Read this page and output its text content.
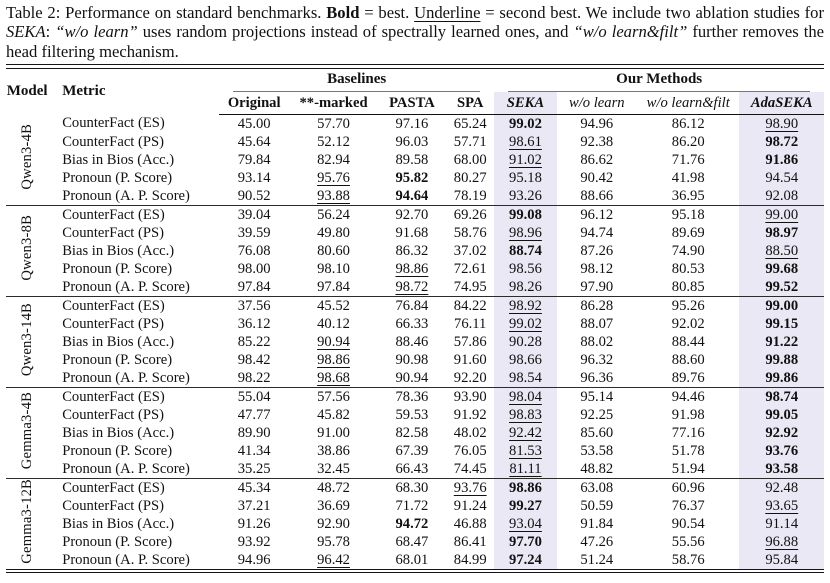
Table 2: Performance on standard benchmarks. Bold = best. Underline = second best. We include two ablation studies for SEKA: “w/o learn” uses random projections instead of spectrally learned ones, and “w/o learn&filt” further removes the head filtering mechanism.
Model	Metric	Baselines				Our Methods			

		Original	**-marked	PASTA	SPA	SEKA	w/o learn	w/o learn&filt	AdaSEKA
Qwen3-4B	CounterFact (ES)	45.00	57.70	97.16	65.24	99.02	94.96	86.12	98.90
	CounterFact (PS)	45.64	52.12	96.03	57.71	98.61	92.38	86.20	98.72
	Bias in Bios (Acc.)	79.84	82.94	89.58	68.00	91.02	86.62	71.76	91.86
	Pronoun (P. Score)	93.14	95.76	95.82	80.27	95.18	90.42	41.98	94.54
	Pronoun (A. P. Score)	90.52	93.88	94.64	78.19	93.26	88.66	36.95	92.08
Qwen3-8B	CounterFact (ES)	39.04	56.24	92.70	69.26	99.08	96.12	95.18	99.00
	CounterFact (PS)	39.59	49.80	91.68	58.76	98.96	94.74	89.69	98.97
	Bias in Bios (Acc.)	76.08	80.60	86.32	37.02	88.74	87.26	74.90	88.50
	Pronoun (P. Score)	98.00	98.10	98.86	72.61	98.56	98.12	80.53	99.68
	Pronoun (A. P. Score)	97.84	97.84	98.72	74.95	98.26	97.90	80.85	99.52
Qwen3-14B	CounterFact (ES)	37.56	45.52	76.84	84.22	98.92	86.28	95.26	99.00
	CounterFact (PS)	36.12	40.12	66.33	76.11	99.02	88.07	92.02	99.15
	Bias in Bios (Acc.)	85.22	90.94	88.46	57.86	90.28	88.02	88.44	91.22
	Pronoun (P. Score)	98.42	98.86	90.98	91.60	98.66	96.32	88.60	99.88
	Pronoun (A. P. Score)	98.22	98.68	90.94	92.20	98.54	96.36	89.76	99.86
Gemma3-4B	CounterFact (ES)	55.04	57.56	78.36	93.90	98.04	95.14	94.46	98.74
	CounterFact (PS)	47.77	45.82	59.53	91.92	98.83	92.25	91.98	99.05
	Bias in Bios (Acc.)	89.90	91.00	82.58	48.02	92.42	85.60	77.16	92.92
	Pronoun (P. Score)	41.34	38.86	67.39	76.05	81.53	53.58	51.78	93.76
	Pronoun (A. P. Score)	35.25	32.45	66.43	74.45	81.11	48.82	51.94	93.58
Gemma3-12B	CounterFact (ES)	45.34	48.72	68.30	93.76	98.86	63.08	60.96	92.48
	CounterFact (PS)	37.21	36.69	71.72	91.24	99.27	50.59	76.37	93.65
	Bias in Bios (Acc.)	91.26	92.90	94.72	46.88	93.04	91.84	90.54	91.14
	Pronoun (P. Score)	93.92	95.78	68.47	86.41	97.70	47.26	55.56	96.88
	Pronoun (A. P. Score)	94.96	96.42	68.01	84.99	97.24	51.24	58.76	95.84
